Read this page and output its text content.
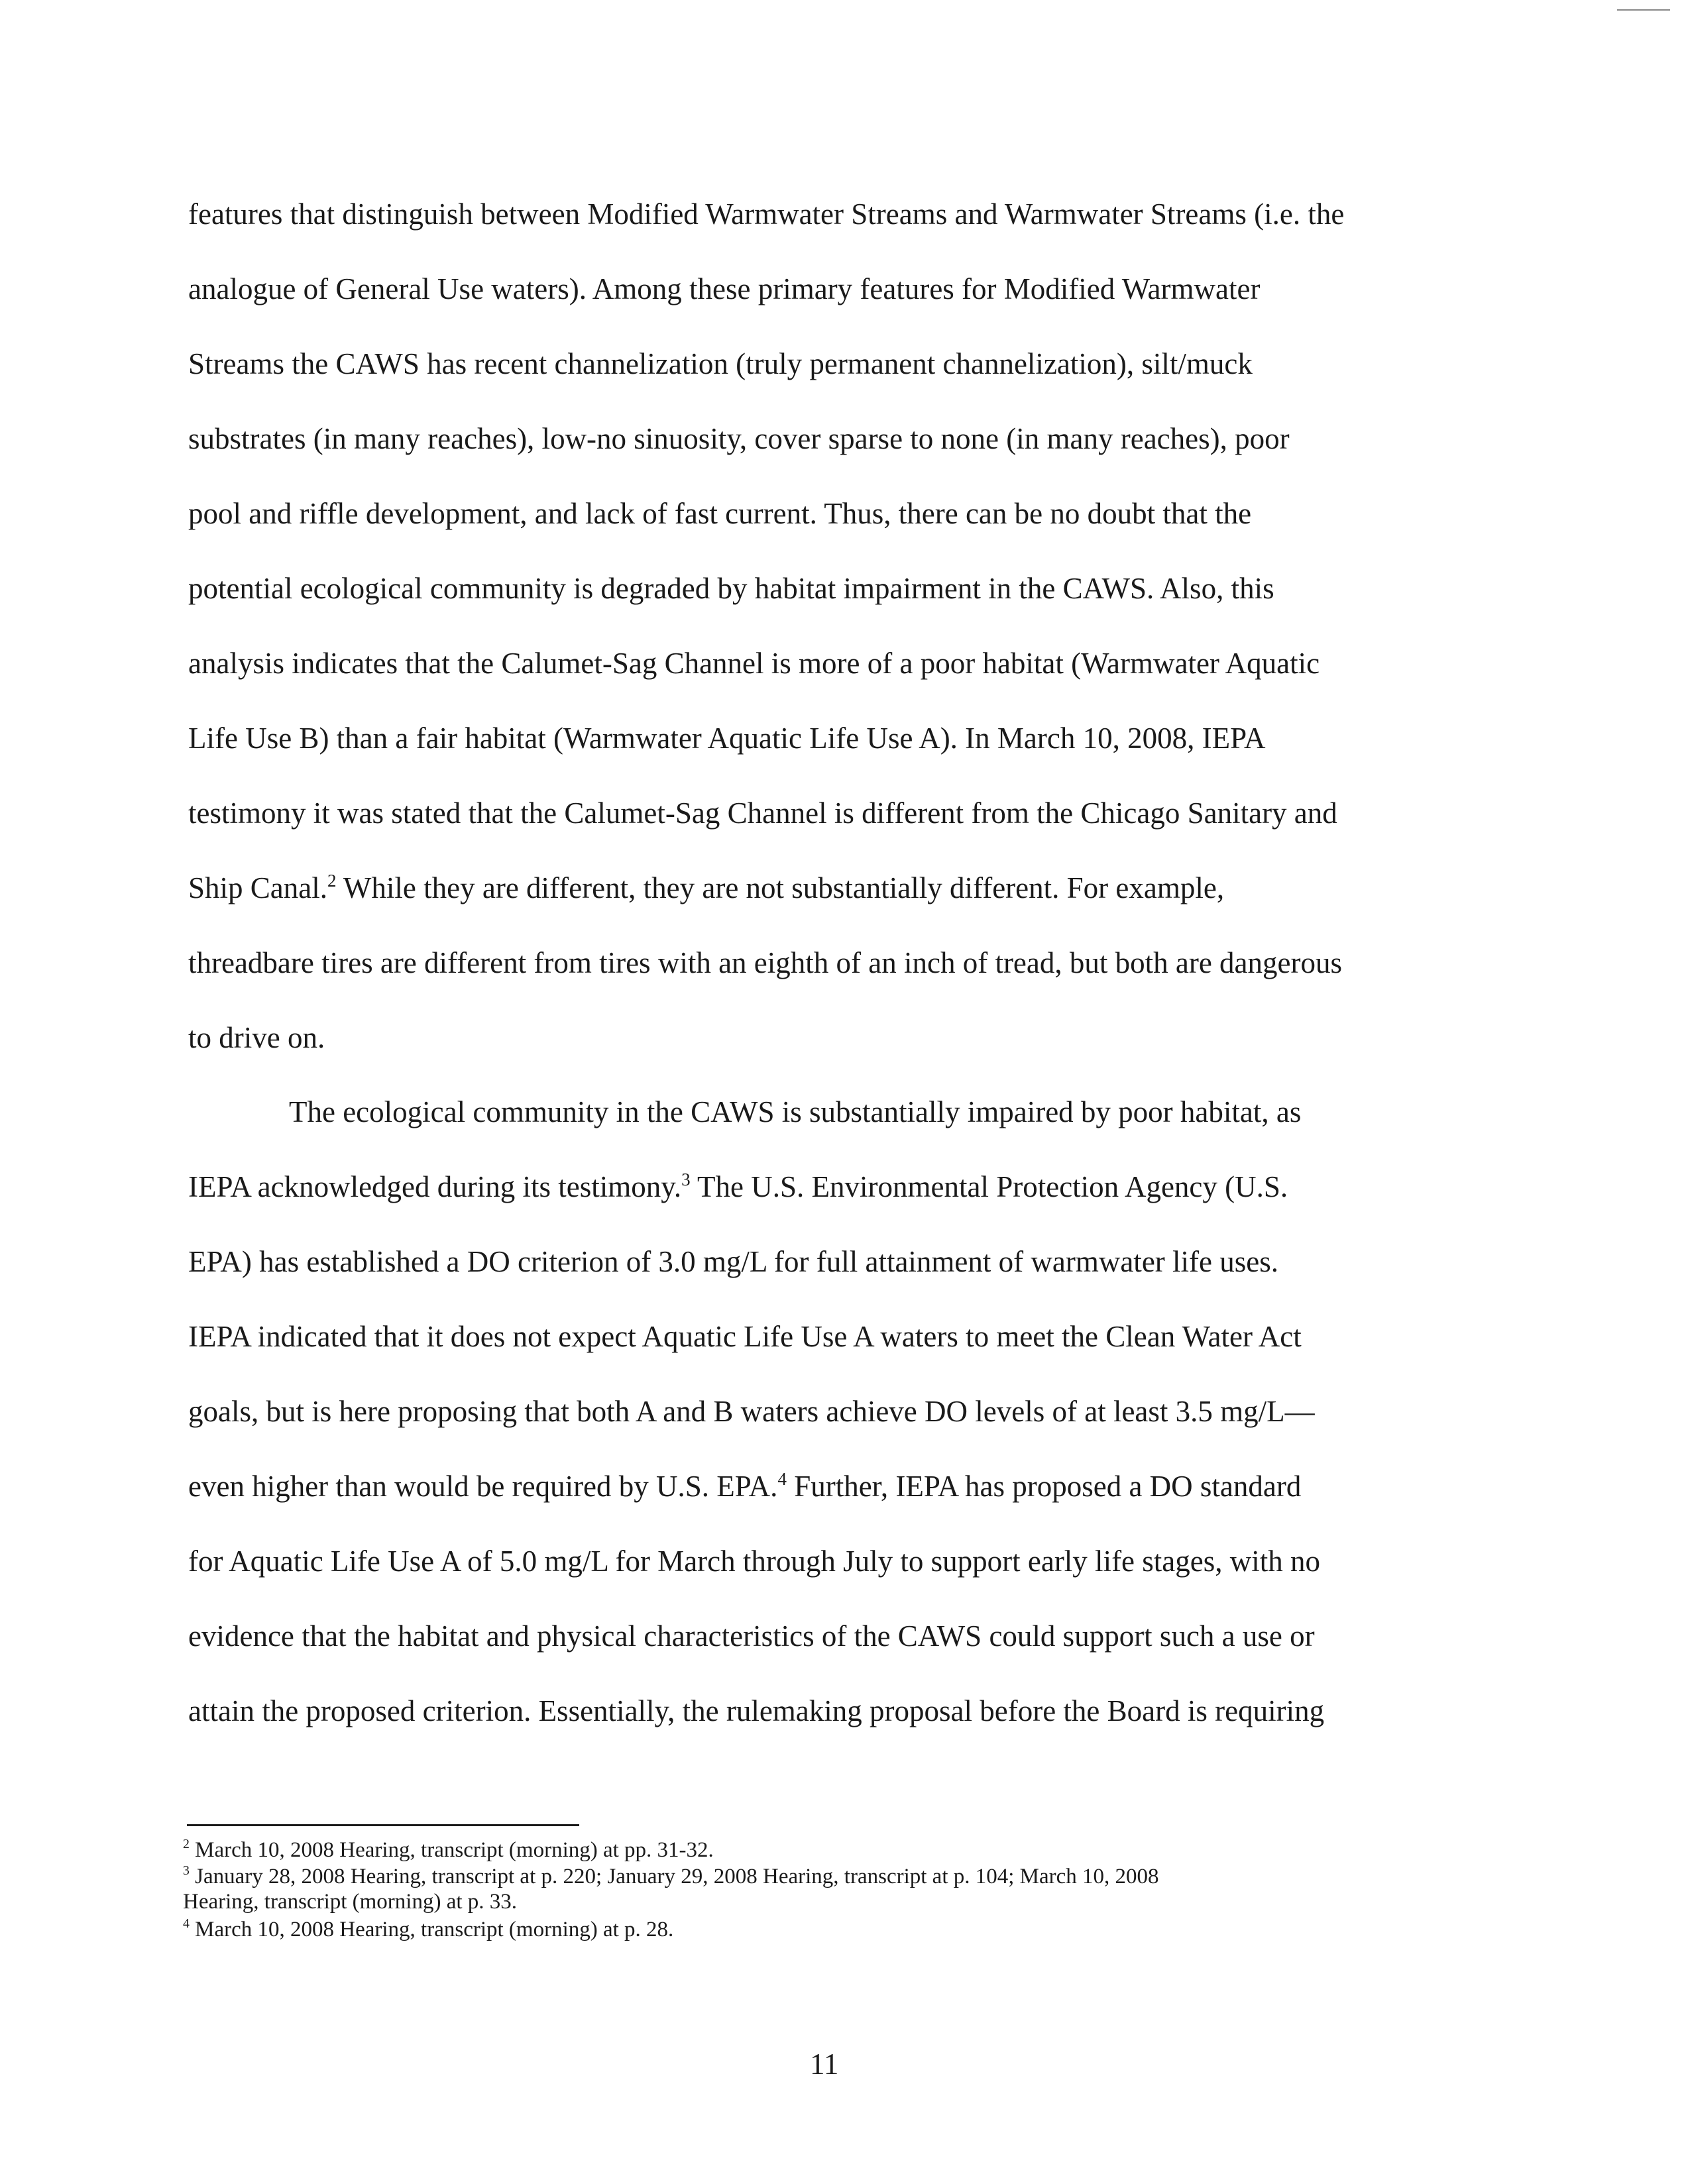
features that distinguish between Modified Warmwater Streams and Warmwater Streams (i.e. the
analogue of General Use waters). Among these primary features for Modified Warmwater
Streams the CAWS has recent channelization (truly permanent channelization), silt/muck
substrates (in many reaches), low-no sinuosity, cover sparse to none (in many reaches), poor
pool and riffle development, and lack of fast current. Thus, there can be no doubt that the
potential ecological community is degraded by habitat impairment in the CAWS. Also, this
analysis indicates that the Calumet-Sag Channel is more of a poor habitat (Warmwater Aquatic
Life Use B) than a fair habitat (Warmwater Aquatic Life Use A). In March 10, 2008, IEPA
testimony it was stated that the Calumet-Sag Channel is different from the Chicago Sanitary and
Ship Canal.$^2$ While they are different, they are not substantially different. For example,
threadbare tires are different from tires with an eighth of an inch of tread, but both are dangerous
to drive on.
The ecological community in the CAWS is substantially impaired by poor habitat, as
IEPA acknowledged during its testimony.$^3$ The U.S. Environmental Protection Agency (U.S.
EPA) has established a DO criterion of 3.0 mg/L for full attainment of warmwater life uses.
IEPA indicated that it does not expect Aquatic Life Use A waters to meet the Clean Water Act
goals, but is here proposing that both A and B waters achieve DO levels of at least 3.5 mg/L—
even higher than would be required by U.S. EPA.$^4$ Further, IEPA has proposed a DO standard
for Aquatic Life Use A of 5.0 mg/L for March through July to support early life stages, with no
evidence that the habitat and physical characteristics of the CAWS could support such a use or
attain the proposed criterion. Essentially, the rulemaking proposal before the Board is requiring
$^2$ March 10, 2008 Hearing, transcript (morning) at pp. 31-32.
$^3$ January 28, 2008 Hearing, transcript at p. 220; January 29, 2008 Hearing, transcript at p. 104; March 10, 2008
Hearing, transcript (morning) at p. 33.
$^4$ March 10, 2008 Hearing, transcript (morning) at p. 28.
11
